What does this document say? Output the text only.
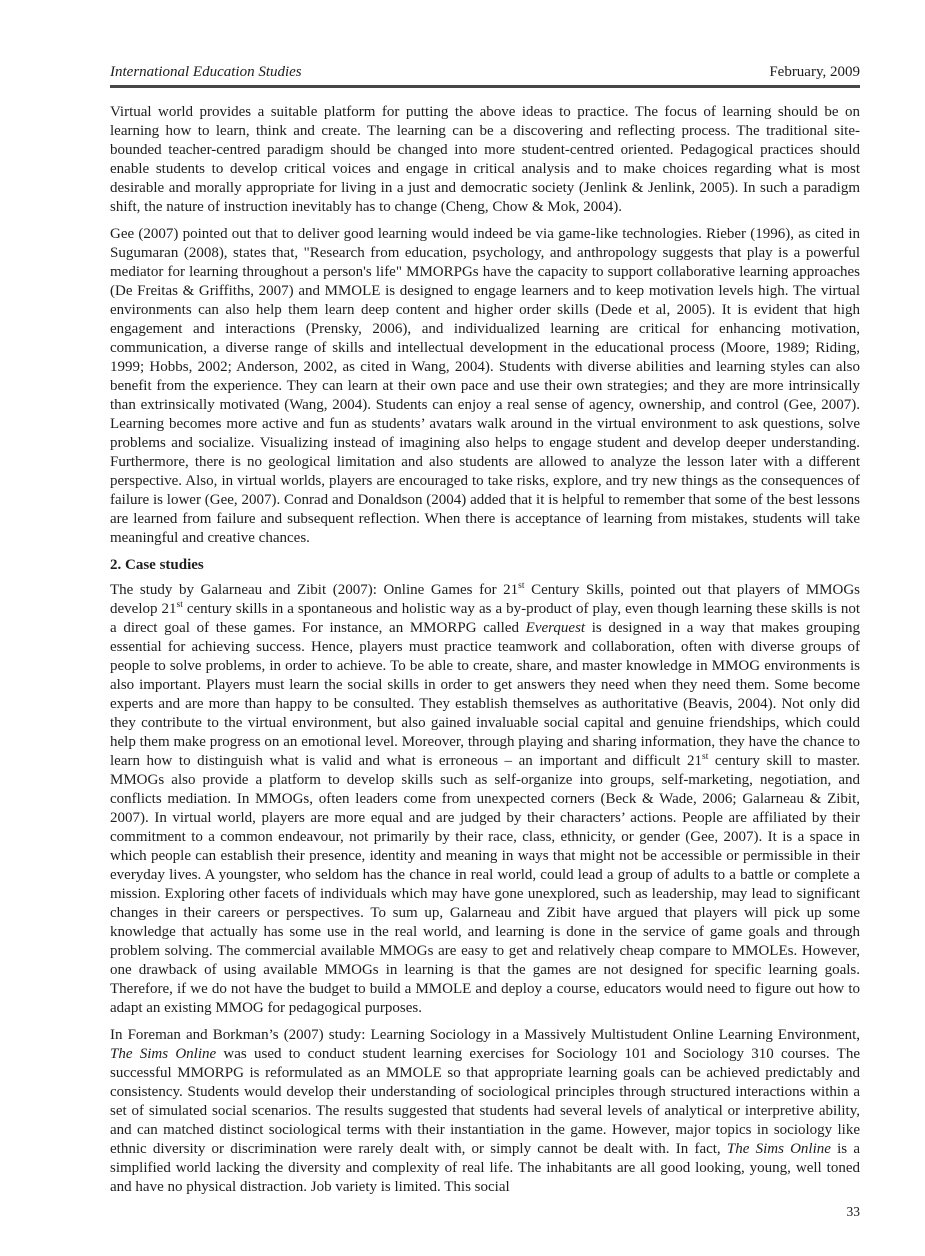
International Education Studies	February, 2009

Virtual world provides a suitable platform for putting the above ideas to practice. The focus of learning should be on learning how to learn, think and create. The learning can be a discovering and reflecting process. The traditional site-bounded teacher-centred paradigm should be changed into more student-centred oriented. Pedagogical practices should enable students to develop critical voices and engage in critical analysis and to make choices regarding what is most desirable and morally appropriate for living in a just and democratic society (Jenlink & Jenlink, 2005). In such a paradigm shift, the nature of instruction inevitably has to change (Cheng, Chow & Mok, 2004).

Gee (2007) pointed out that to deliver good learning would indeed be via game-like technologies. Rieber (1996), as cited in Sugumaran (2008), states that, "Research from education, psychology, and anthropology suggests that play is a powerful mediator for learning throughout a person's life" MMORPGs have the capacity to support collaborative learning approaches (De Freitas & Griffiths, 2007) and MMOLE is designed to engage learners and to keep motivation levels high. The virtual environments can also help them learn deep content and higher order skills (Dede et al, 2005). It is evident that high engagement and interactions (Prensky, 2006), and individualized learning are critical for enhancing motivation, communication, a diverse range of skills and intellectual development in the educational process (Moore, 1989; Riding, 1999; Hobbs, 2002; Anderson, 2002, as cited in Wang, 2004). Students with diverse abilities and learning styles can also benefit from the experience. They can learn at their own pace and use their own strategies; and they are more intrinsically than extrinsically motivated (Wang, 2004). Students can enjoy a real sense of agency, ownership, and control (Gee, 2007). Learning becomes more active and fun as students’ avatars walk around in the virtual environment to ask questions, solve problems and socialize. Visualizing instead of imagining also helps to engage student and develop deeper understanding. Furthermore, there is no geological limitation and also students are allowed to analyze the lesson later with a different perspective. Also, in virtual worlds, players are encouraged to take risks, explore, and try new things as the consequences of failure is lower (Gee, 2007). Conrad and Donaldson (2004) added that it is helpful to remember that some of the best lessons are learned from failure and subsequent reflection. When there is acceptance of learning from mistakes, students will take meaningful and creative chances.

2. Case studies

The study by Galarneau and Zibit (2007): Online Games for 21st Century Skills, pointed out that players of MMOGs develop 21st century skills in a spontaneous and holistic way as a by-product of play, even though learning these skills is not a direct goal of these games. For instance, an MMORPG called Everquest is designed in a way that makes grouping essential for achieving success. Hence, players must practice teamwork and collaboration, often with diverse groups of people to solve problems, in order to achieve. To be able to create, share, and master knowledge in MMOG environments is also important. Players must learn the social skills in order to get answers they need when they need them. Some become experts and are more than happy to be consulted. They establish themselves as authoritative (Beavis, 2004). Not only did they contribute to the virtual environment, but also gained invaluable social capital and genuine friendships, which could help them make progress on an emotional level. Moreover, through playing and sharing information, they have the chance to learn how to distinguish what is valid and what is erroneous – an important and difficult 21st century skill to master. MMOGs also provide a platform to develop skills such as self-organize into groups, self-marketing, negotiation, and conflicts mediation. In MMOGs, often leaders come from unexpected corners (Beck & Wade, 2006; Galarneau & Zibit, 2007). In virtual world, players are more equal and are judged by their characters’ actions. People are affiliated by their commitment to a common endeavour, not primarily by their race, class, ethnicity, or gender (Gee, 2007). It is a space in which people can establish their presence, identity and meaning in ways that might not be accessible or permissible in their everyday lives. A youngster, who seldom has the chance in real world, could lead a group of adults to a battle or complete a mission. Exploring other facets of individuals which may have gone unexplored, such as leadership, may lead to significant changes in their careers or perspectives. To sum up, Galarneau and Zibit have argued that players will pick up some knowledge that actually has some use in the real world, and learning is done in the service of game goals and through problem solving. The commercial available MMOGs are easy to get and relatively cheap compare to MMOLEs. However, one drawback of using available MMOGs in learning is that the games are not designed for specific learning goals. Therefore, if we do not have the budget to build a MMOLE and deploy a course, educators would need to figure out how to adapt an existing MMOG for pedagogical purposes.

In Foreman and Borkman’s (2007) study: Learning Sociology in a Massively Multistudent Online Learning Environment, The Sims Online was used to conduct student learning exercises for Sociology 101 and Sociology 310 courses. The successful MMORPG is reformulated as an MMOLE so that appropriate learning goals can be achieved predictably and consistency. Students would develop their understanding of sociological principles through structured interactions within a set of simulated social scenarios. The results suggested that students had several levels of analytical or interpretive ability, and can matched distinct sociological terms with their instantiation in the game. However, major topics in sociology like ethnic diversity or discrimination were rarely dealt with, or simply cannot be dealt with. In fact, The Sims Online is a simplified world lacking the diversity and complexity of real life. The inhabitants are all good looking, young, well toned and have no physical distraction. Job variety is limited. This social

33
